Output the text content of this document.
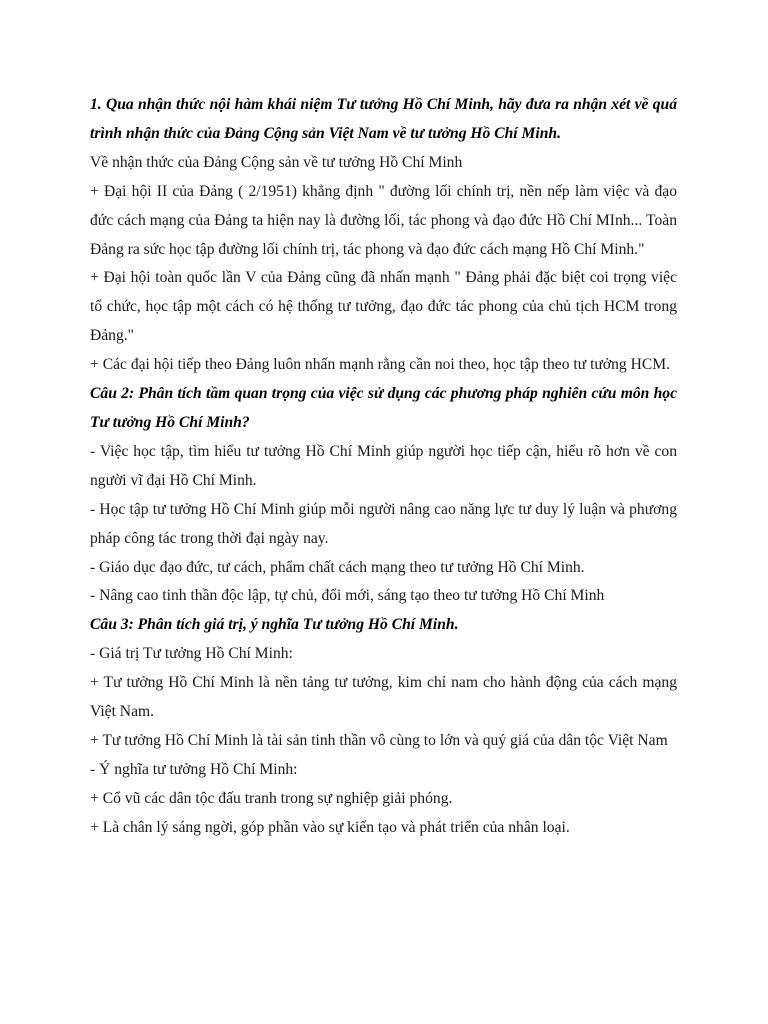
1. Qua nhận thức nội hàm khái niệm Tư tưởng Hồ Chí Minh, hãy đưa ra nhận xét về quá trình nhận thức của Đảng Cộng sản Việt Nam về tư tưởng Hồ Chí Minh.

Về nhận thức của Đảng Cộng sản về tư tưởng Hồ Chí Minh

+ Đại hội II của Đảng ( 2/1951) khẳng định " đường lối chính trị, nền nếp làm việc và đạo đức cách mạng của Đảng ta hiện nay là đường lối, tác phong và đạo đức Hồ Chí MInh... Toàn Đảng ra sức học tập đường lối chính trị, tác phong và đạo đức cách mạng Hồ Chí Minh."

+ Đại hội toàn quốc lần V của Đảng cũng đã nhấn mạnh " Đảng phải đặc biệt coi trọng việc tổ chức, học tập một cách có hệ thống tư tưởng, đạo đức tác phong của chủ tịch HCM trong Đảng."

+ Các đại hội tiếp theo Đảng luôn nhấn mạnh rằng cần noi theo, học tập theo tư tưởng HCM.

Câu 2: Phân tích tầm quan trọng của việc sử dụng các phương pháp nghiên cứu môn học Tư tưởng Hồ Chí Minh?

- Việc học tập, tìm hiểu tư tưởng Hồ Chí Minh giúp người học tiếp cận, hiểu rõ hơn về con người vĩ đại Hồ Chí Minh.

- Học tập tư tưởng Hồ Chí Minh giúp mỗi người nâng cao năng lực tư duy lý luận và phương pháp công tác trong thời đại ngày nay.

- Giáo dục đạo đức, tư cách, phẩm chất cách mạng theo tư tưởng Hồ Chí Minh.

- Nâng cao tinh thần độc lập, tự chủ, đổi mới, sáng tạo theo tư tưởng Hồ Chí Minh

Câu 3: Phân tích giá trị, ý nghĩa Tư tưởng Hồ Chí Minh.

- Giá trị Tư tưởng Hồ Chí Minh:

+ Tư tưởng Hồ Chí Minh là nền tảng tư tưởng, kim chỉ nam cho hành động của cách mạng Việt Nam.

+ Tư tưởng Hồ Chí Minh là tài sản tinh thần vô cùng to lớn và quý giá của dân tộc Việt Nam

- Ý nghĩa tư tưởng Hồ Chí Minh:

+ Cổ vũ các dân tộc đấu tranh trong sự nghiệp giải phóng.

+ Là chân lý sáng ngời, góp phần vào sự kiến tạo và phát triển của nhân loại.
